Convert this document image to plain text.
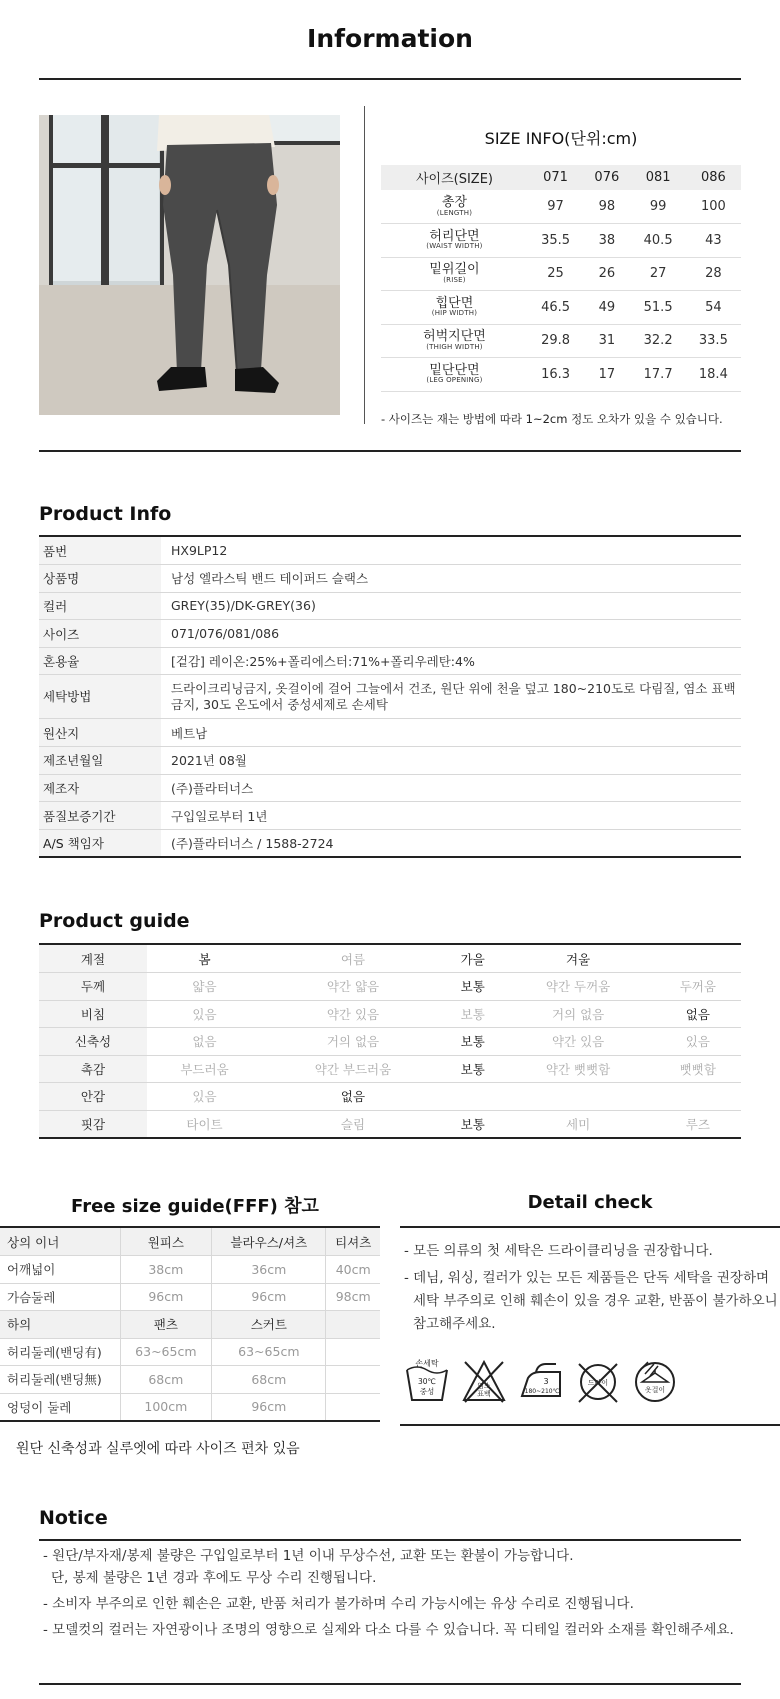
Information
SIZE INFO(단위:cm)
사이즈(SIZE)	071	076	081	086

총장
(LENGTH)	97	98	99	100

허리단면
(WAIST WIDTH)	35.5	38	40.5	43

밑위길이
(RISE)	25	26	27	28

힙단면
(HIP WIDTH)	46.5	49	51.5	54

허벅지단면
(THIGH WIDTH)	29.8	31	32.2	33.5

밑단단면
(LEG OPENING)	16.3	17	17.7	18.4
- 사이즈는 재는 방법에 따라 1~2cm 정도 오차가 있을 수 있습니다.
Product Info
품번	HX9LP12
상품명	남성 엘라스틱 밴드 테이퍼드 슬랙스
컬러	GREY(35)/DK-GREY(36)
사이즈	071/076/081/086
혼용율	[겉감] 레이온:25%+폴리에스터:71%+폴리우레탄:4%
세탁방법	드라이크리닝금지, 옷걸이에 걸어 그늘에서 건조, 원단 위에 천을 덮고 180~210도로 다림질, 염소 표백금지, 30도 온도에서 중성세제로 손세탁
원산지	베트남
제조년월일	2021년 08월
제조자	(주)플라터너스
품질보증기간	구입일로부터 1년
A/S 책임자	(주)플라터너스 / 1588-2724
Product guide
계절	봄	여름	가을	겨울	
두께	얇음	약간 얇음	보통	약간 두꺼움	두꺼움
비침	있음	약간 있음	보통	거의 없음	없음
신축성	없음	거의 없음	보통	약간 있음	있음
촉감	부드러움	약간 부드러움	보통	약간 뻣뻣함	뻣뻣함
안감	있음	없음			
핏감	타이트	슬림	보통	세미	루즈
Free size guide(FFF) 참고
상의 이너	원피스	블라우스/셔츠	티셔츠
어깨넓이	38cm	36cm	40cm
가슴둘레	96cm	96cm	98cm
하의	팬츠	스커트	
허리둘레(밴딩有)	63~65cm	63~65cm	
허리둘레(밴딩無)	68cm	68cm	
엉덩이 둘레	100cm	96cm	
원단 신축성과 실루엣에 따라 사이즈 편차 있음
Detail check
- 모든 의류의 첫 세탁은 드라이클리닝을 권장합니다.
- 데님, 워싱, 컬러가 있는 모든 제품들은 단독 세탁을 권장하며 세탁 부주의로 인해 훼손이 있을 경우 교환, 반품이 불가하오니 참고해주세요.
손세탁
30℃
중성
염소
표백
3
180~210℃
드라이
옷걸이
Notice
- 원단/부자재/봉제 불량은 구입일로부터 1년 이내 무상수선, 교환 또는 환불이 가능합니다.
단, 봉제 불량은 1년 경과 후에도 무상 수리 진행됩니다.
- 소비자 부주의로 인한 훼손은 교환, 반품 처리가 불가하며 수리 가능시에는 유상 수리로 진행됩니다.
- 모델컷의 컬러는 자연광이나 조명의 영향으로 실제와 다소 다를 수 있습니다. 꼭 디테일 컬러와 소재를 확인해주세요.
